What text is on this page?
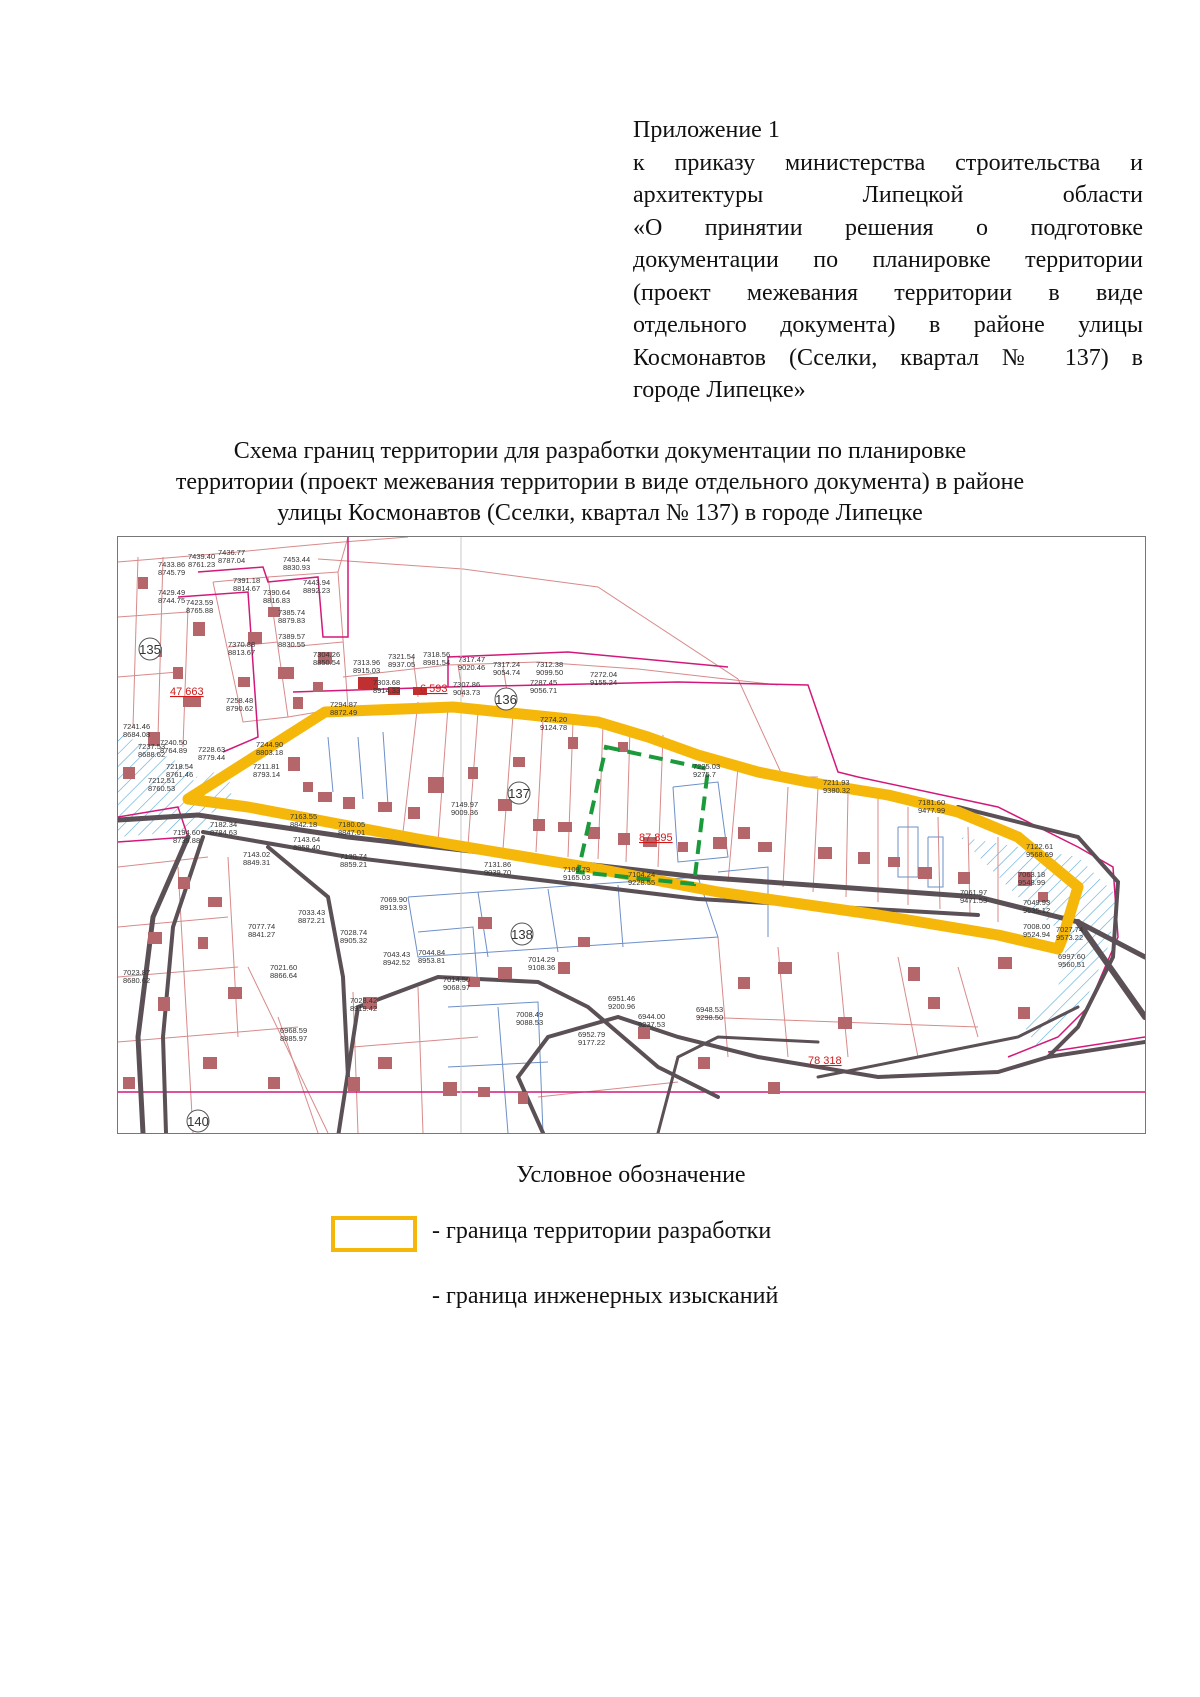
Приложение 1
к приказу министерства строительства и
архитектуры Липецкой области
«О принятии решения о подготовке
документации по планировке территории
(проект межевания территории в виде
отдельного документа) в районе улицы
Космонавтов (Сселки, квартал № 137) в
городе Липецке»
Схема границ территории для разработки документации по планировке
территории (проект межевания территории в виде отдельного документа) в районе
улицы Космонавтов (Сселки, квартал № 137) в городе Липецке
135
136
137
138
140
47 663	6 593
87 895
78 318
7439.40 8761.23
7436.77 8787.04
7433.86 8745.79
7453.44 8830.93
7429.49 8744.75 7423.59 8765.88
7391.18 8814.67 7390.64 8816.83
7443.94 8892.23
7385.74 8879.83
7389.57 8830.55
7370.88 8813.67
7313.96 8915.03
7321.54 8937.05
7318.56 8981.54 7317.47 9020.46 7317.24 9054.74
7312.38 9099.50
7304.26 8850.54
7303.68 8914.33
7307.86 9043.73
7287.45 9056.71
7272.04 9155.24
7258.48 8790.62	7294.87 8872.49
7274.20 9124.78
7244.90 8803.18
7211.81 8793.14
7225.03 9275.7
7211.93 9380.32
7181.60 9477.99
7149.97 9009.36
7182.34 8784.63
7194.60 8739.88
7163.55 8842.18	7180.05 8847.01
7143.64 8858.40
7143.02 8849.31
7130.74 8859.21	7131.86 9039.70	7109.79 9165.03	7104.24 9228.55
7122.61 9568.69
7063.18 9548.99
7061.97 9471.53	7049.93 9535.12
7008.00 9524.94
7027.74 9573.22
6997.60 9560.51
7069.90 8913.93
7033.43 8872.21
7028.74 8905.32
7077.74 8841.27
7021.60 8866.64
7043.43 8942.52
7044.84 8953.81
7014.50 9068.97
7014.29 9108.36
7028.42 8919.42
7008.49 9088.53
6968.59 8885.97	6952.79 9177.22
6951.46 9200.96
6944.00 9237.53
6948.53 9298.50
7023.87 8680.62
7241.46 8684.08
7240.50 8764.89
7237.53 8688.62
7228.63 8779.44
7218.54 8761.46
7212.51 8760.53
Условное обозначение
- граница территории разработки
- граница инженерных изысканий
